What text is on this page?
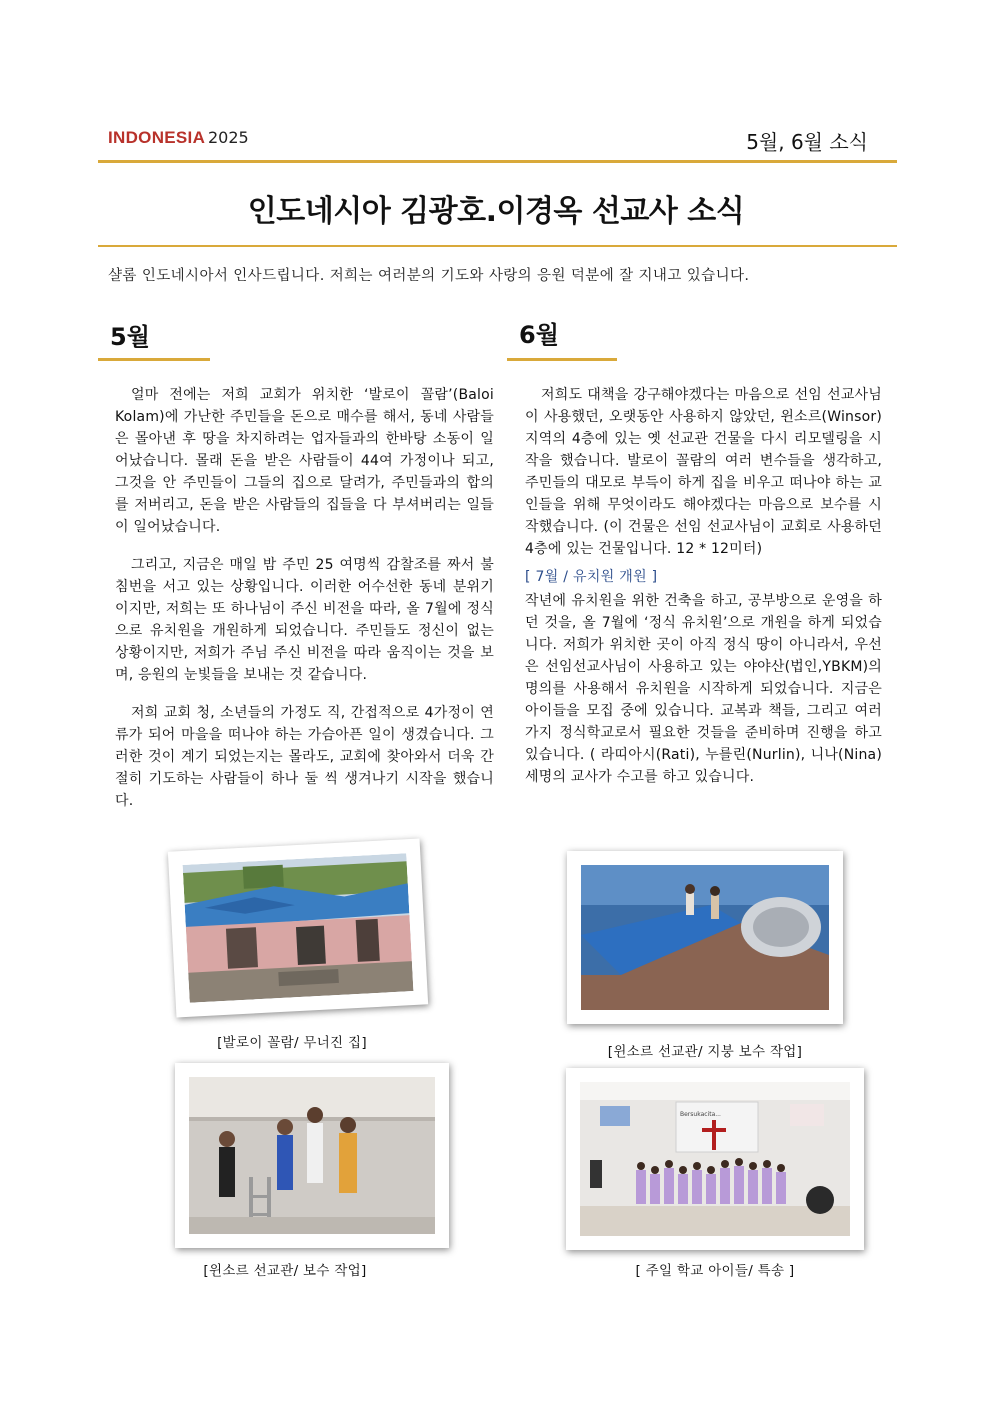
INDONESIA 2025	5월, 6월 소식
인도네시아 김광호.이경옥 선교사 소식
샬롬 인도네시아서 인사드립니다. 저희는 여러분의 기도와 사랑의 응원 덕분에 잘 지내고 있습니다.
5월

얼마 전에는 저희 교회가 위치한 ‘발로이 꼴람’(Baloi Kolam)에 가난한 주민들을 돈으로 매수를 해서, 동네 사람들은 몰아낸 후 땅을 차지하려는 업자들과의 한바탕 소동이 일어났습니다. 몰래 돈을 받은 사람들이 44여 가정이나 되고, 그것을 안 주민들이 그들의 집으로 달려가, 주민들과의 합의를 저버리고, 돈을 받은 사람들의 집들을 다 부셔버리는 일들이 일어났습니다.

그리고, 지금은 매일 밤 주민 25 여명씩 감찰조를 짜서 불침번을 서고 있는 상황입니다. 이러한 어수선한 동네 분위기 이지만, 저희는 또 하나님이 주신 비전을 따라, 올 7월에 정식으로 유치원을 개원하게 되었습니다. 주민들도 정신이 없는 상황이지만, 저희가 주님 주신 비전을 따라 움직이는 것을 보며, 응원의 눈빛들을 보내는 것 같습니다.

저희 교회 청, 소년들의 가정도 직, 간접적으로 4가정이 연류가 되어 마을을 떠나야 하는 가슴아픈 일이 생겼습니다. 그러한 것이 계기 되었는지는 몰라도, 교회에 찾아와서 더욱 간절히 기도하는 사람들이 하나 둘 씩 생겨나기 시작을 했습니다.

6월

저희도 대책을 강구해야겠다는 마음으로 선임 선교사님이 사용했던, 오랫동안 사용하지 않았던, 윈소르(Winsor)지역의 4층에 있는 옛 선교관 건물을 다시 리모델링을 시작을 했습니다. 발로이 꼴람의 여러 변수들을 생각하고, 주민들의 대모로 부득이 하게 집을 비우고 떠나야 하는 교인들을 위해 무엇이라도 해야겠다는 마음으로 보수를 시작했습니다. (이 건물은 선임 선교사님이 교회로 사용하던 4층에 있는 건물입니다. 12 * 12미터)

[ 7월 / 유치원 개원 ]

작년에 유치원을 위한 건축을 하고, 공부방으로 운영을 하던 것을, 올 7월에 ‘정식 유치원’으로 개원을 하게 되었습니다. 저희가 위치한 곳이 아직 정식 땅이 아니라서, 우선은 선임선교사님이 사용하고 있는 야야산(법인,YBKM)의 명의를 사용해서 유치원을 시작하게 되었습니다. 지금은 아이들을 모집 중에 있습니다. 교복과 책들, 그리고 여러 가지 정식학교로서 필요한 것들을 준비하며 진행을 하고 있습니다. ( 라띠아시(Rati), 누를린(Nurlin), 니나(Nina) 세명의 교사가 수고를 하고 있습니다.

[발로이 꼴람/ 무너진 집]
[윈소르 선교관/ 지붕 보수 작업]
[윈소르 선교관/ 보수 작업]
Bersukacita...
[ 주일 학교 아이들/ 특송 ]
